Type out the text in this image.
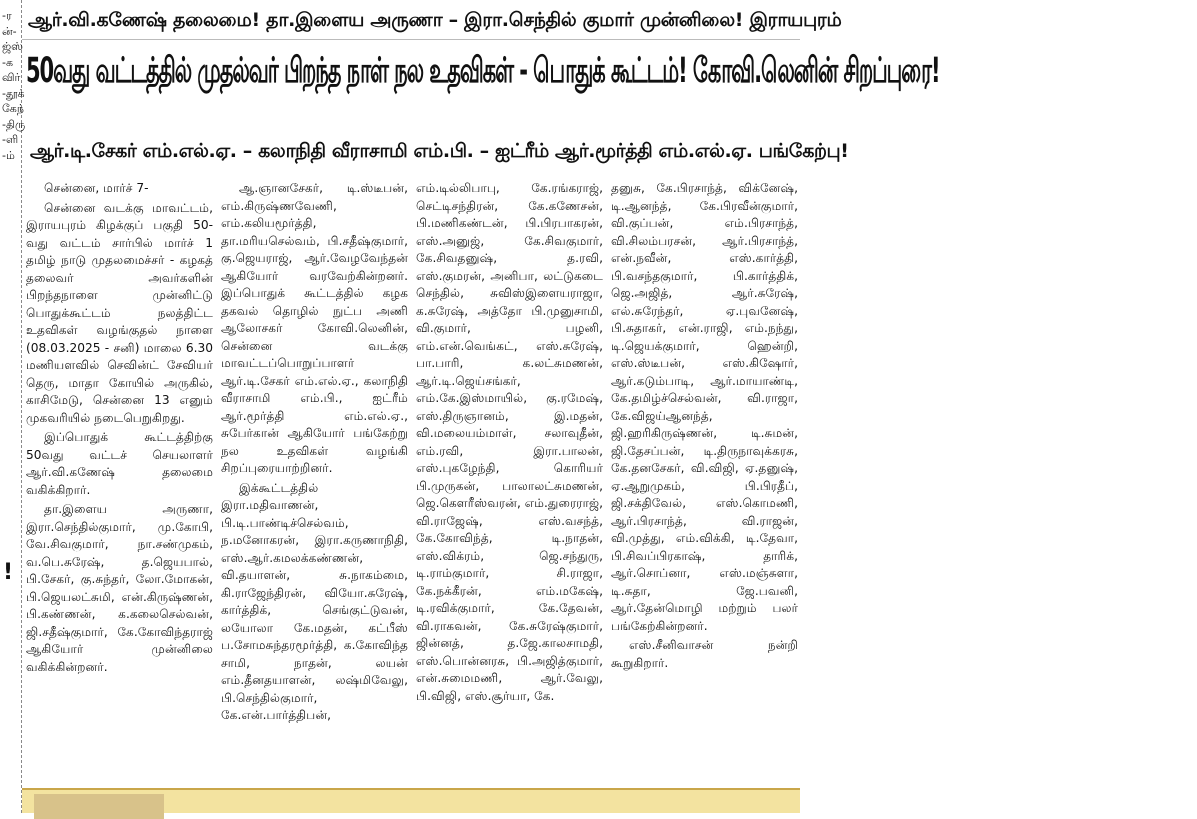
-ரன்-ஜ்ஸ்-கவிர் -தூக்கேந் -திரு-ளி-ம்
!
ஆர்.வி.கணேஷ் தலைமை! தா.இளைய அருணா – இரா.செந்தில் குமார் முன்னிலை! இராயபுரம்
50வது வட்டத்தில் முதல்வர் பிறந்த நாள் நல உதவிகள் - பொதுக் கூட்டம்! கோவி.லெனின் சிறப்புரை!
ஆர்.டி.சேகர் எம்.எல்.ஏ. – கலாநிதி வீராசாமி எம்.பி. – ஐட்ரீம் ஆர்.மூர்த்தி எம்.எல்.ஏ. பங்கேற்பு!

சென்னை, மார்ச் 7-

சென்னை வடக்கு மாவட்டம், இராயபுரம் கிழக்குப் பகுதி 50-வது வட்டம் சார்பில் மார்ச் 1 தமிழ் நாடு முதலமைச்சர் - கழகத் தலைவர் அவர்களின் பிறந்தநாளை முன்னிட்டு பொதுக்கூட்டம் நலத்திட்ட உதவிகள் வழங்குதல் நாளை (08.03.2025 - சனி) மாலை 6.30 மணியளவில் செவின்ட் சேவியர் தெரு, மாதா கோயில் அருகில், காசிமேடு, சென்னை 13 எனும் முகவரியில் நடைபெறுகிறது.

இப்பொதுக் கூட்டத்திற்கு 50வது வட்டச் செயலாளர் ஆர்.வி.கணேஷ் தலைமை வகிக்கிறார்.

தா.இளைய அருணா, இரா.செந்தில்குமார், மு.கோபி, வே.சிவகுமார், நா.சண்முகம், வ.பெ.சுரேஷ், த.ஜெயபால், பி.சேகர், கு.சுந்தர், லோ.மோகன், பி.ஜெயலட்சுமி, என்.கிருஷ்ணன், பி.கண்ணன், க.கலைசெல்வன், ஜி.சதீஷ்குமார், கே.கோவிந்தராஜ் ஆகியோர் முன்னிலை வகிக்கின்றனர்.

ஆ.ஞானசேகர், டி.ஸ்டீபன், எம்.கிருஷ்ணவேணி, எம்.கலியமூர்த்தி, தா.மரியசெல்வம், பி.சதீஷ்குமார், கு.ஜெயராஜ், ஆர்.வேழவேந்தன் ஆகியோர் வரவேற்கின்றனர். இப்பொதுக் கூட்டத்தில் கழக தகவல் தொழில் நுட்ப அணி ஆலோசகர் கோவி.லெனின், சென்னை வடக்கு மாவட்டப்பொறுப்பாளர் ஆர்.டி.சேகர் எம்.எல்.ஏ., கலாநிதி வீராசாமி எம்.பி., ஐட்ரீம் ஆர்.மூர்த்தி எம்.எல்.ஏ., சுபேர்கான் ஆகியோர் பங்கேற்று நல உதவிகள் வழங்கி சிறப்புரையாற்றினர்.

இக்கூட்டத்தில் இரா.மதிவாணன், பி.டி.பாண்டிச்செல்வம், ந.மனோகரன், இரா.கருணாநிதி, எஸ்.ஆர்.கமலக்கண்ணன், வி.தயாளன், சு.நாகம்மை, கி.ராஜேந்திரன், வியோ.சுரேஷ், கார்த்திக், செங்குட்டுவன், லயோலா கே.மதன், கட்பீஸ் ப.சோமசுந்தரமூர்த்தி, க.கோவிந்த சாமி, நாதன், லயன் எம்.தீனதயாளன், லஷ்மிவேலு, பி.செந்தில்குமார், கே.என்.பார்த்திபன்,

எம்.டில்லிபாபு, கே.ரங்கராஜ், செட்டிசந்திரன், கே.கணேசன், பி.மணிகண்டன், பி.பிரபாகரன், எஸ்.அனுஜ், கே.சிவகுமார், கே.சிவதனுஷ், த.ரவி, எஸ்.குமரன், அனிபா, லட்டுகடை செந்தில், சுவிஸ்இளையராஜா, க.சுரேஷ், அத்தோ பி.முனுசாமி, வி.குமார், பழனி, எம்.என்.வெங்கட், எஸ்.சுரேஷ், பா.பாரி, க.லட்சுமணன், ஆர்.டி.ஜெய்சங்கர், எம்.கே.இஸ்மாயில், கு.ரமேஷ், எஸ்.திருஞானம், இ.மதன், வி.மலையம்மாள், சலாவுதீன், எம்.ரவி, இரா.பாலன், எஸ்.புகழேந்தி, கொரியர் பி.முருகன், பாலாலட்சுமணன், ஜெ.கெளரீஸ்வரன், எம்.துரைராஜ், வி.ராஜேஷ், எஸ்.வசந்த், கே.கோவிந்த், டி.நாதன், எஸ்.விக்ரம், ஜெ.சந்துரு, டி.ராம்குமார், சி.ராஜா, கே.நக்கீரன், எம்.மகேஷ், டி.ரவிக்குமார், கே.தேவன், வி.ராகவன், கே.சுரேஷ்குமார், ஜின்னத், த.ஜே.காலசாமதி, எஸ்.பொன்னரசு, பி.அஜித்குமார், என்.சுமைமணி, ஆர்.வேலு, பி.விஜி, எஸ்.சூர்யா, கே.

தனுசு, கே.பிரசாந்த், விக்னேஷ், டி.ஆனந்த், கே.பிரவீன்குமார், வி.குப்பன், எம்.பிரசாந்த், வி.சிலம்பரசன், ஆர்.பிரசாந்த், என்.நவீன், எஸ்.கார்த்தி, பி.வசந்தகுமார், பி.கார்த்திக், ஜெ.அஜித், ஆர்.சுரேஷ், எல்.சுரேந்தர், ஏ.புவனேஷ், பி.சுதாகர், என்.ராஜி, எம்.நந்து, டி.ஜெயக்குமார், ஹென்றி, எஸ்.ஸ்டீபன், எஸ்.கிஷோர், ஆர்.கடும்பாடி, ஆர்.மாயாண்டி, கே.தமிழ்ச்செல்வன், வி.ராஜா, கே.விஜய்ஆனந்த், ஜி.ஹரிகிருஷ்ணன், டி.சுமன், ஜி.தேசப்பன், டி.திருநாவுக்கரசு, கே.தனசேகர், வி.விஜி, ஏ.தனுஷ், ஏ.ஆறுமுகம், பி.பிரதீப், ஜி.சக்திவேல், எஸ்.கொமணி, ஆர்.பிரசாந்த், வி.ராஜன், வி.முத்து, எம்.விக்கி, டி.தேவா, பி.சிவப்பிரகாஷ், தாரிக், ஆர்.சொப்னா, எஸ்.மஞ்சுளா, டி.சுதா, ஜே.பவனி, ஆர்.தேன்மொழி மற்றும் பலர் பங்கேற்கின்றனர்.

எஸ்.சீனிவாசன் நன்றி கூறுகிறார்.
